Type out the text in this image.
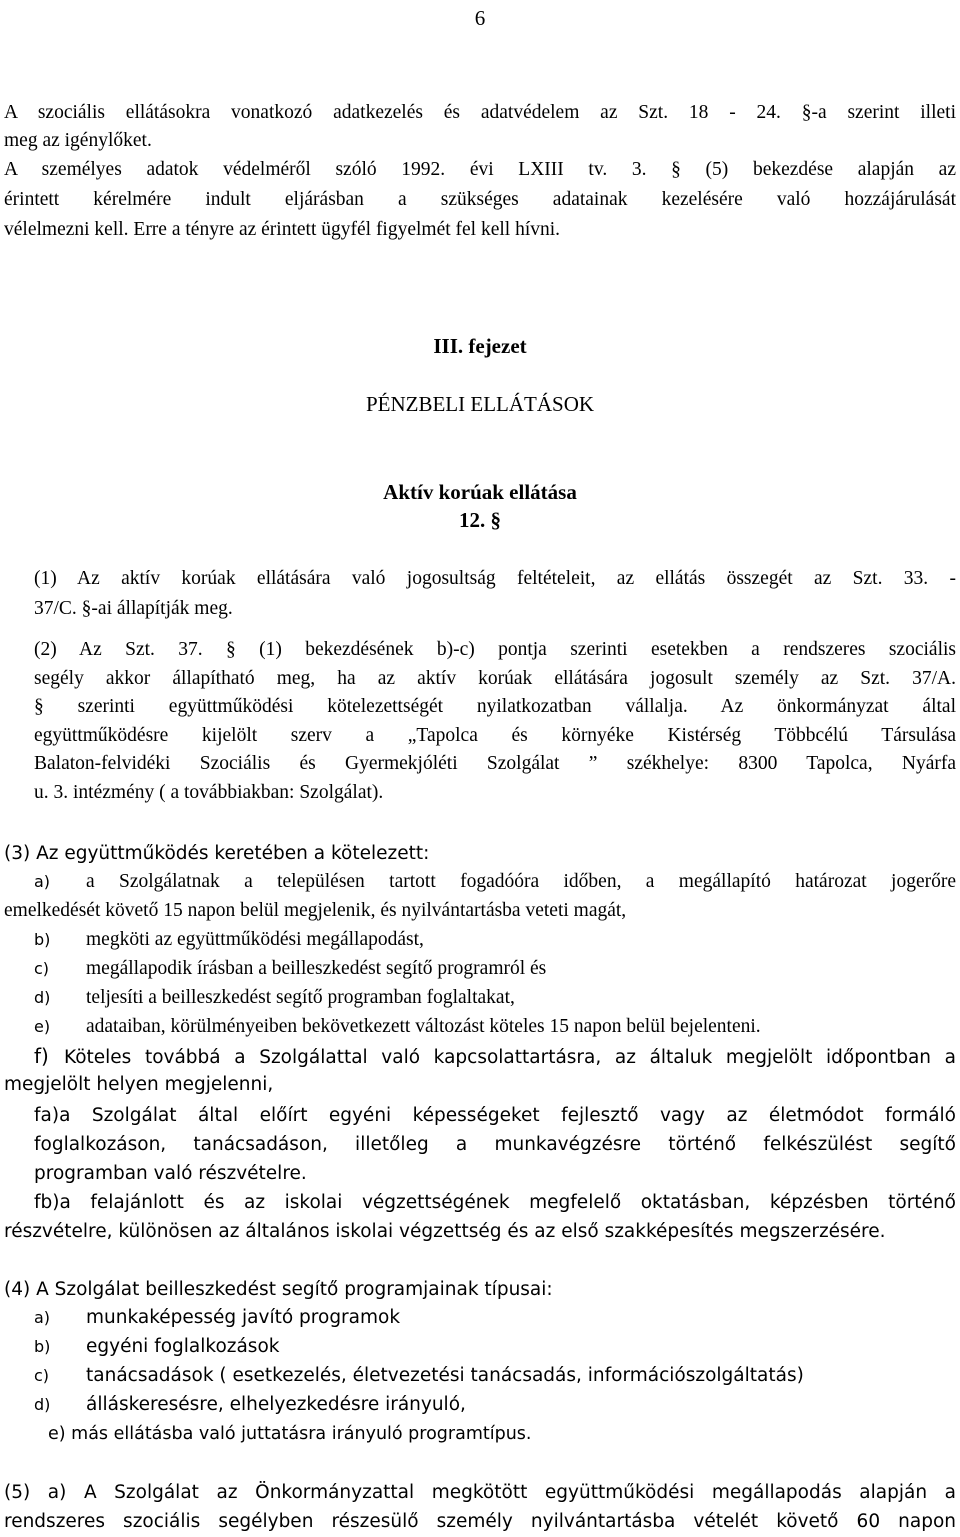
6
A szociális ellátásokra vonatkozó adatkezelés és adatvédelem az Szt. 18 - 24. §-a szerint illeti
meg az igénylőket.
A személyes adatok védelméről szóló 1992. évi LXIII tv. 3. § (5) bekezdése alapján az
érintett kérelmére indult eljárásban a szükséges adatainak kezelésére való hozzájárulását
vélelmezni kell. Erre a tényre az érintett ügyfél figyelmét fel kell hívni.
III. fejezet
PÉNZBELI ELLÁTÁSOK
Aktív korúak ellátása
12. §
(1) Az aktív korúak ellátására való jogosultság feltételeit, az ellátás összegét az Szt. 33. -
37/C. §-ai állapítják meg.
(2) Az Szt. 37. § (1) bekezdésének b)-c) pontja szerinti esetekben a rendszeres szociális
segély akkor állapítható meg, ha az aktív korúak ellátására jogosult személy az Szt. 37/A.
§ szerinti együttműködési kötelezettségét nyilatkozatban vállalja. Az önkormányzat által
együttműködésre kijelölt szerv a „Tapolca és környéke Kistérség Többcélú Társulása
Balaton-felvidéki Szociális és Gyermekjóléti Szolgálat ” székhelye: 8300 Tapolca, Nyárfa
u. 3. intézmény ( a továbbiakban: Szolgálat).
(3) Az együttműködés keretében a kötelezett:
a) a Szolgálatnak a településen tartott fogadóóra időben, a megállapító határozat jogerőre
emelkedését követő 15 napon belül megjelenik, és nyilvántartásba veteti magát,
b) megköti az együttműködési megállapodást,
c) megállapodik írásban a beilleszkedést segítő programról és
d) teljesíti a beilleszkedést segítő programban foglaltakat,
e) adataiban, körülményeiben bekövetkezett változást köteles 15 napon belül bejelenteni.
f) Köteles továbbá a Szolgálattal való kapcsolattartásra, az általuk megjelölt időpontban a
megjelölt helyen megjelenni,
fa)a Szolgálat által előírt egyéni képességeket fejlesztő vagy az életmódot formáló
foglalkozáson, tanácsadáson, illetőleg a munkavégzésre történő felkészülést segítő
programban való részvételre.
fb)a felajánlott és az iskolai végzettségének megfelelő oktatásban, képzésben történő
részvételre, különösen az általános iskolai végzettség és az első szakképesítés megszerzésére.
(4) A Szolgálat beilleszkedést segítő programjainak típusai:
a) munkaképesség javító programok
b) egyéni foglalkozások
c) tanácsadások ( esetkezelés, életvezetési tanácsadás, információszolgáltatás)
d) álláskeresésre, elhelyezkedésre irányuló,
e) más ellátásba való juttatásra irányuló programtípus.
(5) a) A Szolgálat az Önkormányzattal megkötött együttműködési megállapodás alapján a
rendszeres szociális segélyben részesülő személy nyilvántartásba vételét követő 60 napon
